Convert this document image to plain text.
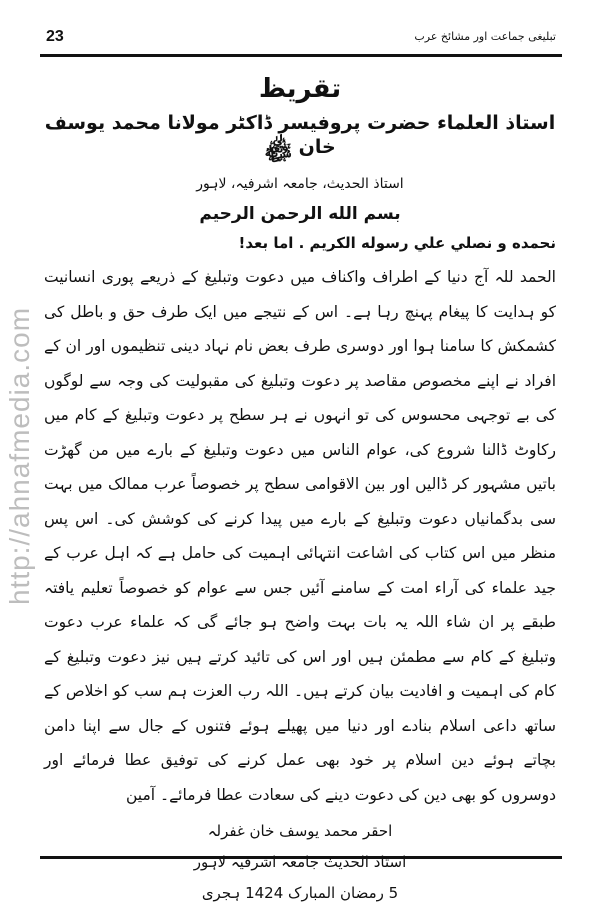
23	تبلیغی جماعت اور مشائخ عرب
http://ahnafmedia.com
تقریظ
استاذ العلماء حضرت پروفیسر ڈاکٹر مولانا محمد یوسف خان ﷾
استاذ الحدیث، جامعہ اشرفیہ، لاہور
بسم الله الرحمن الرحیم
نحمده و نصلي علي رسوله الكريم . اما بعد!

الحمد للہ آج دنیا کے اطراف واکناف میں دعوت وتبلیغ کے ذریعے پوری انسانیت کو ہدایت کا پیغام پہنچ رہا ہے۔ اس کے نتیجے میں ایک طرف حق و باطل کی کشمکش کا سامنا ہوا اور دوسری طرف بعض نام نہاد دینی تنظیموں اور ان کے افراد نے اپنے مخصوص مقاصد پر دعوت وتبلیغ کی مقبولیت کی وجہ سے لوگوں کی بے توجہی محسوس کی تو انہوں نے ہر سطح پر دعوت وتبلیغ کے کام میں رکاوٹ ڈالنا شروع کی، عوام الناس میں دعوت وتبلیغ کے بارے میں من گھڑت باتیں مشہور کر ڈالیں اور بین الاقوامی سطح پر خصوصاً عرب ممالک میں بہت سی بدگمانیاں دعوت وتبلیغ کے بارے میں پیدا کرنے کی کوشش کی۔ اس پس منظر میں اس کتاب کی اشاعت انتہائی اہمیت کی حامل ہے کہ اہل عرب کے جید علماء کی آراء امت کے سامنے آئیں جس سے عوام کو خصوصاً تعلیم یافتہ طبقے پر ان شاء اللہ یہ بات بہت واضح ہو جائے گی کہ علماء عرب دعوت وتبلیغ کے کام سے مطمئن ہیں اور اس کی تائید کرتے ہیں نیز دعوت وتبلیغ کے کام کی اہمیت و افادیت بیان کرتے ہیں۔ اللہ رب العزت ہم سب کو اخلاص کے ساتھ داعی اسلام بنادے اور دنیا میں پھیلے ہوئے فتنوں کے جال سے اپنا دامن بچاتے ہوئے دین اسلام پر خود بھی عمل کرنے کی توفیق عطا فرمائے اور دوسروں کو بھی دین کی دعوت دینے کی سعادت عطا فرمائے۔ آمین

احقر محمد یوسف خان غفرلہ
استاذ الحدیث جامعہ اشرفیہ لاہور
5 رمضان المبارک 1424 ہجری
